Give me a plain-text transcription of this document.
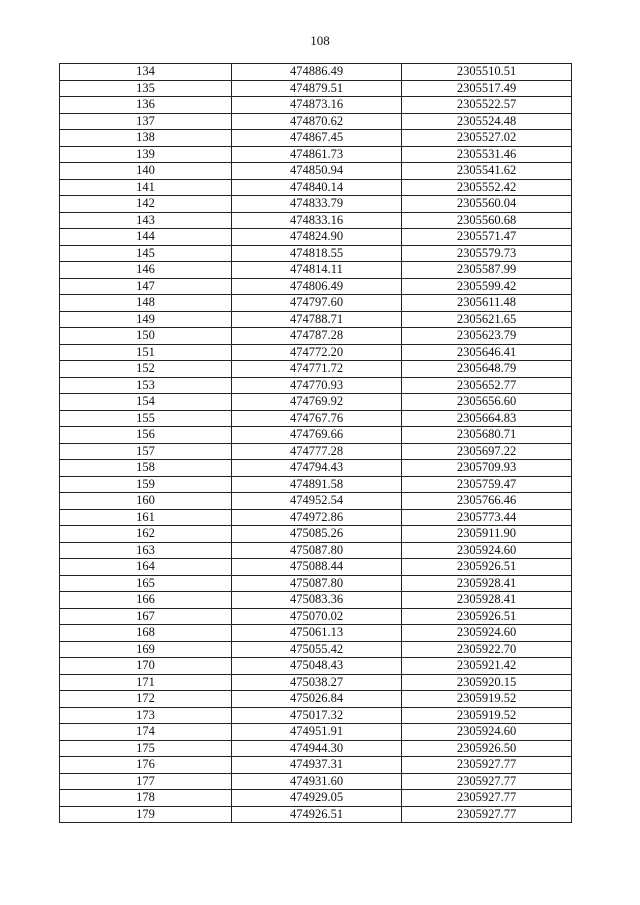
108
134	474886.49	2305510.51
135	474879.51	2305517.49
136	474873.16	2305522.57
137	474870.62	2305524.48
138	474867.45	2305527.02
139	474861.73	2305531.46
140	474850.94	2305541.62
141	474840.14	2305552.42
142	474833.79	2305560.04
143	474833.16	2305560.68
144	474824.90	2305571.47
145	474818.55	2305579.73
146	474814.11	2305587.99
147	474806.49	2305599.42
148	474797.60	2305611.48
149	474788.71	2305621.65
150	474787.28	2305623.79
151	474772.20	2305646.41
152	474771.72	2305648.79
153	474770.93	2305652.77
154	474769.92	2305656.60
155	474767.76	2305664.83
156	474769.66	2305680.71
157	474777.28	2305697.22
158	474794.43	2305709.93
159	474891.58	2305759.47
160	474952.54	2305766.46
161	474972.86	2305773.44
162	475085.26	2305911.90
163	475087.80	2305924.60
164	475088.44	2305926.51
165	475087.80	2305928.41
166	475083.36	2305928.41
167	475070.02	2305926.51
168	475061.13	2305924.60
169	475055.42	2305922.70
170	475048.43	2305921.42
171	475038.27	2305920.15
172	475026.84	2305919.52
173	475017.32	2305919.52
174	474951.91	2305924.60
175	474944.30	2305926.50
176	474937.31	2305927.77
177	474931.60	2305927.77
178	474929.05	2305927.77
179	474926.51	2305927.77
